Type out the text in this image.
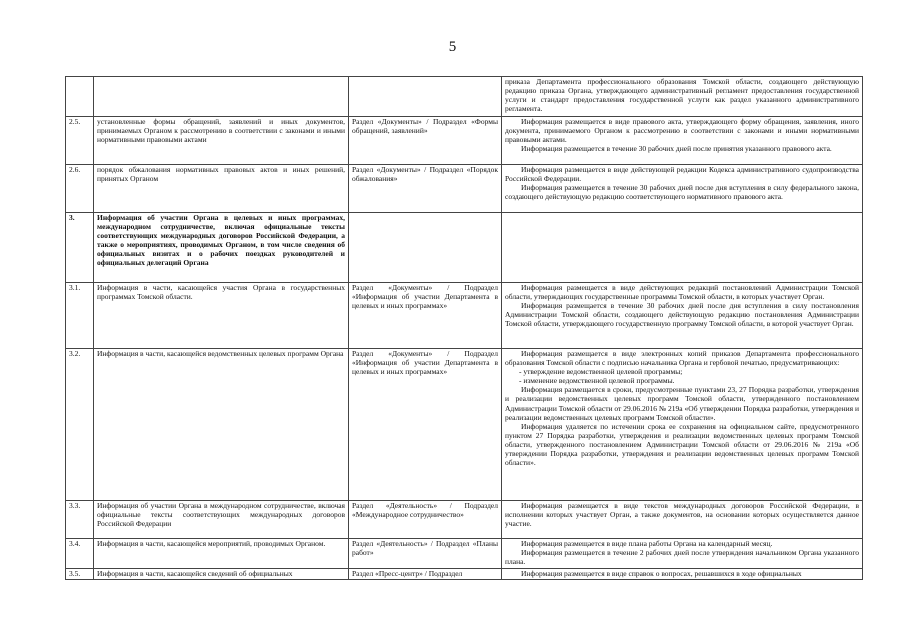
5

			приказа Департамента профессионального образования Томской области, создающего действующую редакцию приказа Органа, утверждающего административный регламент предоставления государственной услуги и стандарт предоставления государственной услуги как раздел указанного административного регламента.

2.5.	установленные формы обращений, заявлений и иных документов, принимаемых Органом к рассмотрению в соответствии с законами и иными нормативными правовыми актами	Раздел «Документы» / Подраздел «Формы обращений, заявлений»	Информация размещается в виде правового акта, утверждающего форму обращения, заявления, иного документа, принимаемого Органом к рассмотрению в соответствии с законами и иными нормативными правовыми актами.
Информация размещается в течение 30 рабочих дней после принятия указанного правового акта.

2.6.	порядок обжалования нормативных правовых актов и иных решений, принятых Органом	Раздел «Документы» / Подраздел «Порядок обжалования»	Информация размещается в виде действующей редакции Кодекса административного судопроизводства Российской Федерации.
Информация размещается в течение 30 рабочих дней после дня вступления в силу федерального закона, создающего действующую редакцию соответствующего нормативного правового акта.

3.	Информация об участии Органа в целевых и иных программах, международном сотрудничестве, включая официальные тексты соответствующих международных договоров Российской Федерации, а также о мероприятиях, проводимых Органом, в том числе сведения об официальных визитах и о рабочих поездках руководителей и официальных делегаций Органа		
3.1.	Информация в части, касающейся участия Органа в государственных программах Томской области.	Раздел «Документы» / Подраздел «Информация об участии Департамента в целевых и иных программах»	Информация размещается в виде действующих редакций постановлений Администрации Томской области, утверждающих государственные программы Томской области, в которых участвует Орган.
Информация размещается в течение 30 рабочих дней после дня вступления в силу постановления Администрации Томской области, создающего действующую редакцию постановления Администрации Томской области, утверждающего государственную программу Томской области, в которой участвует Орган.

3.2.	Информация в части, касающейся ведомственных целевых программ Органа	Раздел «Документы» / Подраздел «Информация об участии Департамента в целевых и иных программах»	Информация размещается в виде электронных копий приказов Департамента профессионального образования Томской области с подписью начальника Органа и гербовой печатью, предусматривающих:
- утверждение ведомственной целевой программы;
- изменение ведомственной целевой программы.
Информация размещается в сроки, предусмотренные пунктами 23, 27 Порядка разработки, утверждения и реализации ведомственных целевых программ Томской области, утвержденного постановлением Администрации Томской области от 29.06.2016 № 219а «Об утверждении Порядка разработки, утверждения и реализации ведомственных целевых программ Томской области».
Информация удаляется по истечении срока ее сохранения на официальном сайте, предусмотренного пунктом 27 Порядка разработки, утверждения и реализации ведомственных целевых программ Томской области, утвержденного постановлением Администрации Томской области от 29.06.2016 № 219а «Об утверждении Порядка разработки, утверждения и реализации ведомственных целевых программ Томской области».

3.3.	Информация об участии Органа в международном сотрудничестве, включая официальные тексты соответствующих международных договоров Российской Федерации	Раздел «Деятельность» / Подраздел «Международное сотрудничество»	Информация размещается в виде текстов международных договоров Российской Федерации, в исполнении которых участвует Орган, а также документов, на основании которых осуществляется данное участие.

3.4.	Информация в части, касающейся мероприятий, проводимых Органом.	Раздел «Деятельность» / Подраздел «Планы работ»	Информация размещается в виде плана работы Органа на календарный месяц.
Информация размещается в течение 2 рабочих дней после утверждения начальником Органа указанного плана.

3.5.	Информация в части, касающейся сведений об официальных	Раздел «Пресс-центр» / Подраздел	Информация размещается в виде справок о вопросах, решавшихся в ходе официальных
